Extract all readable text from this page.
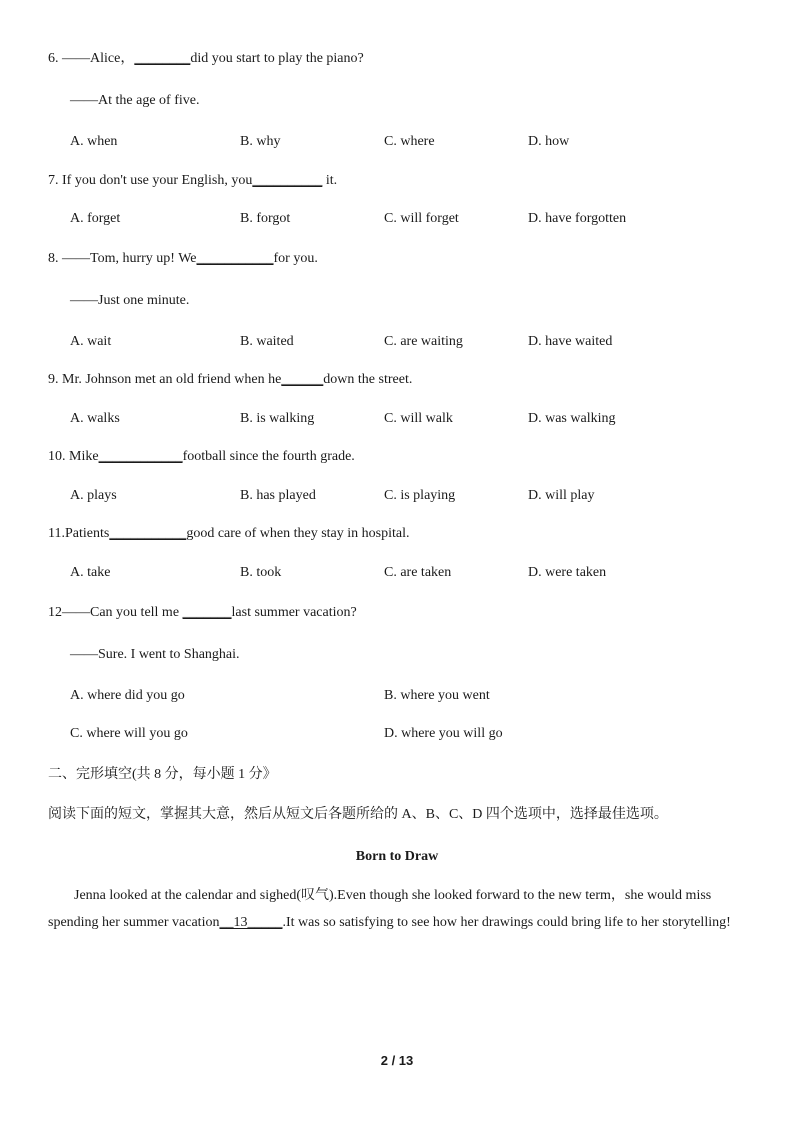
6. ——Alice，________did you start to play the piano?
——At the age of five.
A. when	B. why	C. where	D. how
7. If you don't use your English, you__________ it.
A. forget	B. forgot	C. will forget	D. have forgotten
8. ——Tom, hurry up! We___________for you.
——Just one minute.
A. wait	B. waited	C. are waiting	D. have waited
9. Mr. Johnson met an old friend when he______down the street.
A. walks	B. is walking	C. will walk	D. was walking
10. Mike____________football since the fourth grade.
A. plays	B. has played	C. is playing	D. will play
11.Patients___________good care of when they stay in hospital.
A. take	B. took	C. are taken	D. were taken
12——Can you tell me _______last summer vacation?
——Sure. I went to Shanghai.
A. where did you go	B. where you went
C. where will you go	D. where you will go
二、完形填空(共 8 分，每小题 1 分》
阅读下面的短文，掌握其大意，然后从短文后各题所给的 A、B、C、D 四个选项中，选择最佳选项。
Born to Draw
Jenna looked at the calendar and sighed(叹气).Even though she looked forward to the new term，she would miss spending her summer vacation__13_____.It was so satisfying to see how her drawings could bring life to her storytelling!
2 / 13
